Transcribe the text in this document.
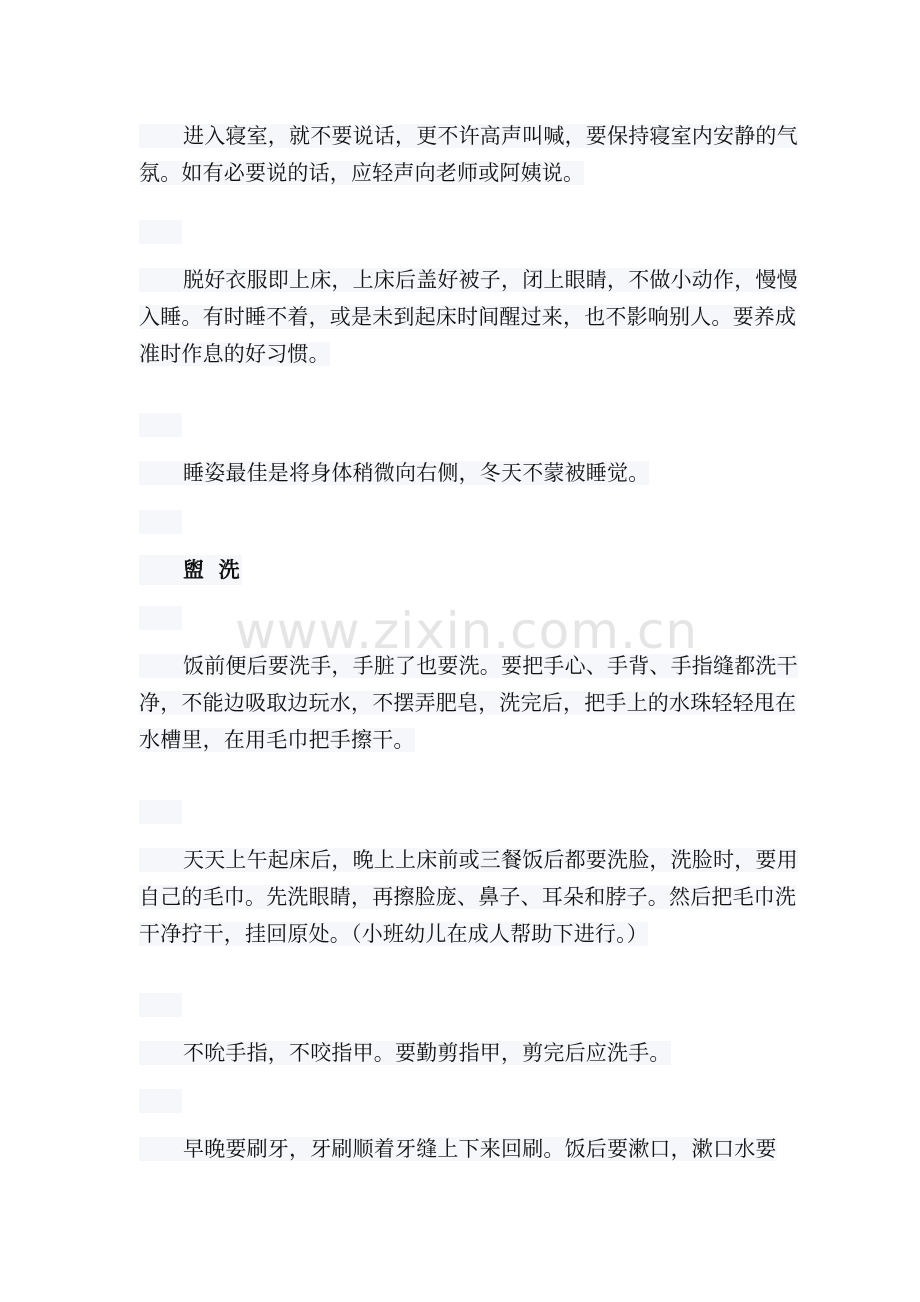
进入寝室，就不要说话，更不许高声叫喊，要保持寝室内安静的气氛。如有必要说的话，应轻声向老师或阿姨说。
脱好衣服即上床，上床后盖好被子，闭上眼睛，不做小动作，慢慢入睡。有时睡不着，或是未到起床时间醒过来，也不影响别人。要养成准时作息的好习惯。
睡姿最佳是将身体稍微向右侧，冬天不蒙被睡觉。
盥  洗
饭前便后要洗手，手脏了也要洗。要把手心、手背、手指缝都洗干净，不能边吸取边玩水，不摆弄肥皂，洗完后，把手上的水珠轻轻甩在水槽里，在用毛巾把手擦干。
天天上午起床后，晚上上床前或三餐饭后都要洗脸，洗脸时，要用自己的毛巾。先洗眼睛，再擦脸庞、鼻子、耳朵和脖子。然后把毛巾洗干净拧干，挂回原处。（小班幼儿在成人帮助下进行。）
不吮手指，不咬指甲。要勤剪指甲，剪完后应洗手。
早晚要刷牙，牙刷顺着牙缝上下来回刷。饭后要漱口，漱口水要
www.zixin.com.cn
